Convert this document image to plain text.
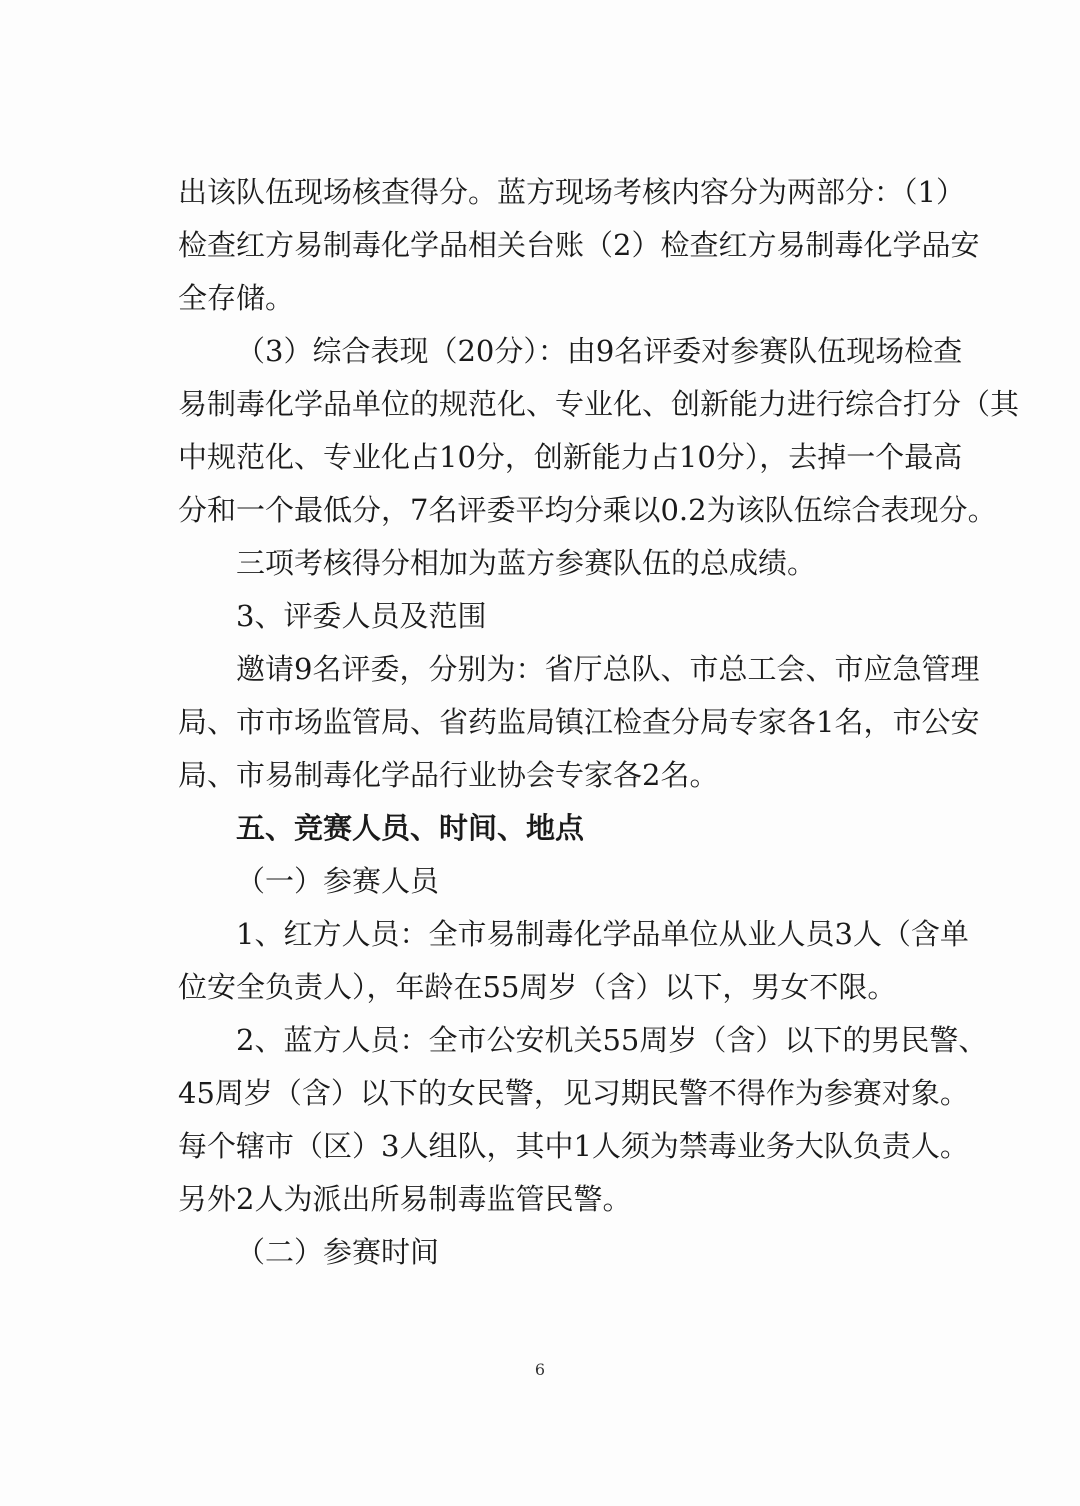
出该队伍现场核查得分。蓝方现场考核内容分为两部分：（1）
检查红方易制毒化学品相关台账（2）检查红方易制毒化学品安
全存储。
（3）综合表现（20分）：由9名评委对参赛队伍现场检查
易制毒化学品单位的规范化、专业化、创新能力进行综合打分（其
中规范化、专业化占10分，创新能力占10分），去掉一个最高
分和一个最低分，7名评委平均分乘以0.2为该队伍综合表现分。
三项考核得分相加为蓝方参赛队伍的总成绩。
3、评委人员及范围
邀请9名评委，分别为：省厅总队、市总工会、市应急管理
局、市市场监管局、省药监局镇江检查分局专家各1名，市公安
局、市易制毒化学品行业协会专家各2名。
五、竞赛人员、时间、地点
（一）参赛人员
1、红方人员：全市易制毒化学品单位从业人员3人（含单
位安全负责人），年龄在55周岁（含）以下，男女不限。
2、蓝方人员：全市公安机关55周岁（含）以下的男民警、
45周岁（含）以下的女民警，见习期民警不得作为参赛对象。
每个辖市（区）3人组队，其中1人须为禁毒业务大队负责人。
另外2人为派出所易制毒监管民警。
（二）参赛时间
6
